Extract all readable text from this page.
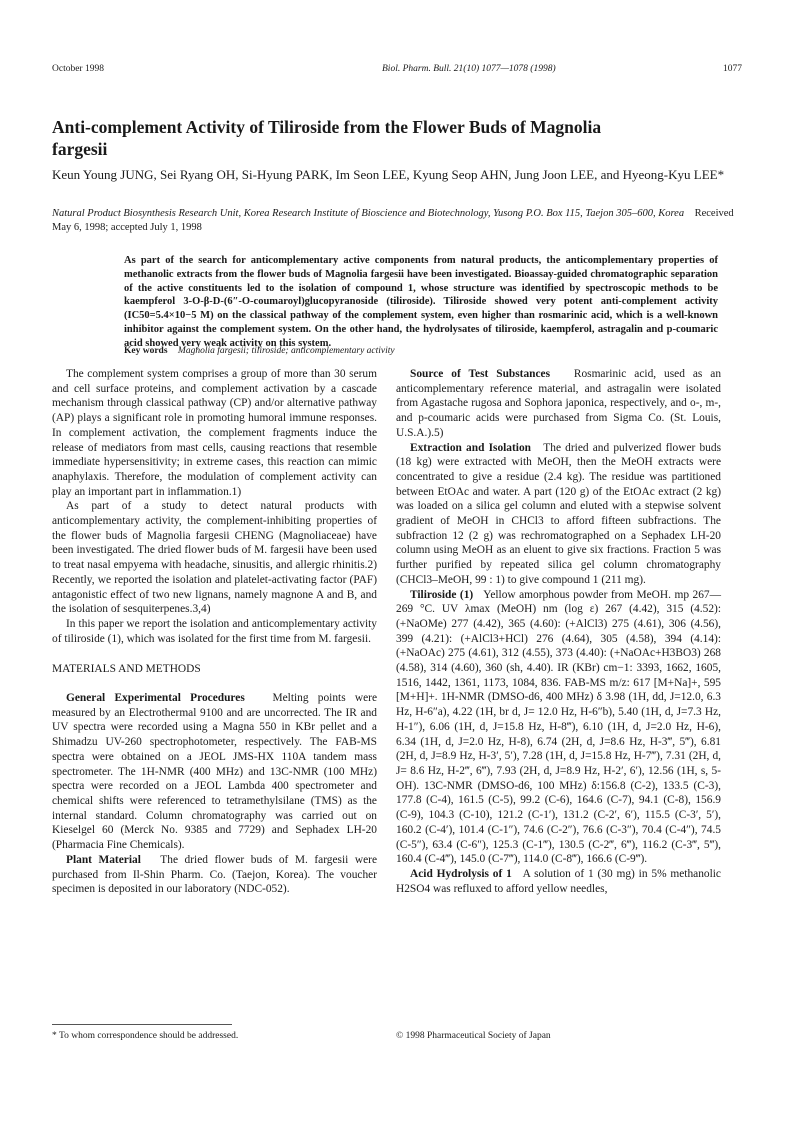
October 1998	Biol. Pharm. Bull. 21(10) 1077—1078 (1998)	1077
Anti-complement Activity of Tiliroside from the Flower Buds of Magnolia fargesii
Keun Young JUNG, Sei Ryang OH, Si-Hyung PARK, Im Seon LEE, Kyung Seop AHN, Jung Joon LEE, and Hyeong-Kyu LEE*
Natural Product Biosynthesis Research Unit, Korea Research Institute of Bioscience and Biotechnology, Yusong P.O. Box 115, Taejon 305–600, Korea Received May 6, 1998; accepted July 1, 1998
As part of the search for anticomplementary active components from natural products, the anticomplementary properties of methanolic extracts from the flower buds of Magnolia fargesii have been investigated. Bioassay-guided chromatographic separation of the active constituents led to the isolation of compound 1, whose structure was identified by spectroscopic methods to be kaempferol 3-O-β-D-(6″-O-coumaroyl)glucopyranoside (tiliroside). Tiliroside showed very potent anti-complement activity (IC50=5.4×10−5 M) on the classical pathway of the complement system, even higher than rosmarinic acid, which is a well-known inhibitor against the complement system. On the other hand, the hydrolysates of tiliroside, kaempferol, astragalin and p-coumaric acid showed very weak activity on this system.
Key words Magnolia fargesii; tiliroside; anticomplementary activity

The complement system comprises a group of more than 30 serum and cell surface proteins, and complement activation by a cascade mechanism through classical pathway (CP) and/or alternative pathway (AP) plays a significant role in promoting humoral immune responses. In complement activation, the complement fragments induce the release of mediators from mast cells, causing reactions that resemble immediate hypersensitivity; in extreme cases, this reaction can mimic anaphylaxis. Therefore, the modulation of complement activity can play an important part in inflammation.1)

As part of a study to detect natural products with anticomplementary activity, the complement-inhibiting properties of the flower buds of Magnolia fargesii CHENG (Magnoliaceae) have been investigated. The dried flower buds of M. fargesii have been used to treat nasal empyema with headache, sinusitis, and allergic rhinitis.2) Recently, we reported the isolation and platelet-activating factor (PAF) antagonistic effect of two new lignans, namely magnone A and B, and the isolation of sesquiterpenes.3,4)

In this paper we report the isolation and anticomplementary activity of tiliroside (1), which was isolated for the first time from M. fargesii.

MATERIALS AND METHODS

General Experimental Procedures Melting points were measured by an Electrothermal 9100 and are uncorrected. The IR and UV spectra were recorded using a Magna 550 in KBr pellet and a Shimadzu UV-260 spectrophotometer, respectively. The FAB-MS spectra were obtained on a JEOL JMS-HX 110A tandem mass spectrometer. The 1H-NMR (400 MHz) and 13C-NMR (100 MHz) spectra were recorded on a JEOL Lambda 400 spectrometer and chemical shifts were referenced to tetramethylsilane (TMS) as the internal standard. Column chromatography was carried out on Kieselgel 60 (Merck No. 9385 and 7729) and Sephadex LH-20 (Pharmacia Fine Chemicals).

Plant Material The dried flower buds of M. fargesii were purchased from Il-Shin Pharm. Co. (Taejon, Korea). The voucher specimen is deposited in our laboratory (NDC-052).

Source of Test Substances Rosmarinic acid, used as an anticomplementary reference material, and astragalin were isolated from Agastache rugosa and Sophora japonica, respectively, and o-, m-, and p-coumaric acids were purchased from Sigma Co. (St. Louis, U.S.A.).5)

Extraction and Isolation The dried and pulverized flower buds (18 kg) were extracted with MeOH, then the MeOH extracts were concentrated to give a residue (2.4 kg). The residue was partitioned between EtOAc and water. A part (120 g) of the EtOAc extract (2 kg) was loaded on a silica gel column and eluted with a stepwise solvent gradient of MeOH in CHCl3 to afford fifteen subfractions. The subfraction 12 (2 g) was rechromatographed on a Sephadex LH-20 column using MeOH as an eluent to give six fractions. Fraction 5 was further purified by repeated silica gel column chromatography (CHCl3–MeOH, 99 : 1) to give compound 1 (211 mg).

Tiliroside (1) Yellow amorphous powder from MeOH. mp 267—269 °C. UV λmax (MeOH) nm (log ε) 267 (4.42), 315 (4.52): (+NaOMe) 277 (4.42), 365 (4.60): (+AlCl3) 275 (4.61), 306 (4.56), 399 (4.21): (+AlCl3+HCl) 276 (4.64), 305 (4.58), 394 (4.14): (+NaOAc) 275 (4.61), 312 (4.55), 373 (4.40): (+NaOAc+H3BO3) 268 (4.58), 314 (4.60), 360 (sh, 4.40). IR (KBr) cm−1: 3393, 1662, 1605, 1516, 1442, 1361, 1173, 1084, 836. FAB-MS m/z: 617 [M+Na]+, 595 [M+H]+. 1H-NMR (DMSO-d6, 400 MHz) δ 3.98 (1H, dd, J=12.0, 6.3 Hz, H-6″a), 4.22 (1H, br d, J= 12.0 Hz, H-6″b), 5.40 (1H, d, J=7.3 Hz, H-1″), 6.06 (1H, d, J=15.8 Hz, H-8‴), 6.10 (1H, d, J=2.0 Hz, H-6), 6.34 (1H, d, J=2.0 Hz, H-8), 6.74 (2H, d, J=8.6 Hz, H-3‴, 5‴), 6.81 (2H, d, J=8.9 Hz, H-3′, 5′), 7.28 (1H, d, J=15.8 Hz, H-7‴), 7.31 (2H, d, J= 8.6 Hz, H-2‴, 6‴), 7.93 (2H, d, J=8.9 Hz, H-2′, 6′), 12.56 (1H, s, 5-OH). 13C-NMR (DMSO-d6, 100 MHz) δ:156.8 (C-2), 133.5 (C-3), 177.8 (C-4), 161.5 (C-5), 99.2 (C-6), 164.6 (C-7), 94.1 (C-8), 156.9 (C-9), 104.3 (C-10), 121.2 (C-1′), 131.2 (C-2′, 6′), 115.5 (C-3′, 5′), 160.2 (C-4′), 101.4 (C-1″), 74.6 (C-2″), 76.6 (C-3″), 70.4 (C-4″), 74.5 (C-5″), 63.4 (C-6″), 125.3 (C-1‴), 130.5 (C-2‴, 6‴), 116.2 (C-3‴, 5‴), 160.4 (C-4‴), 145.0 (C-7‴), 114.0 (C-8‴), 166.6 (C-9‴).

Acid Hydrolysis of 1 A solution of 1 (30 mg) in 5% methanolic H2SO4 was refluxed to afford yellow needles,

* To whom correspondence should be addressed.	© 1998 Pharmaceutical Society of Japan
